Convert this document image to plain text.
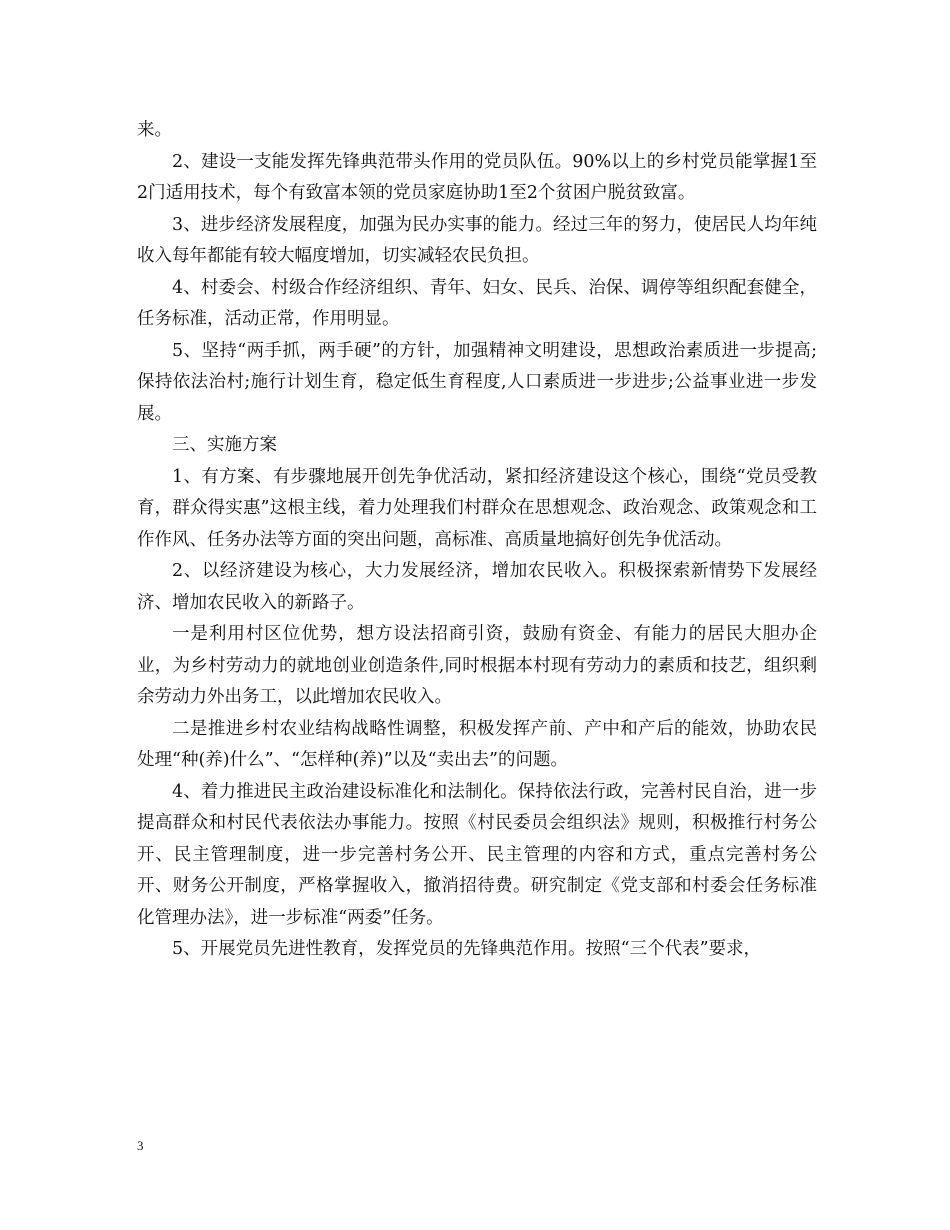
来。

2、建设一支能发挥先锋典范带头作用的党员队伍。90%以上的乡村党员能掌握1至2门适用技术，每个有致富本领的党员家庭协助1至2个贫困户脱贫致富。

3、进步经济发展程度，加强为民办实事的能力。经过三年的努力，使居民人均年纯收入每年都能有较大幅度增加，切实减轻农民负担。

4、村委会、村级合作经济组织、青年、妇女、民兵、治保、调停等组织配套健全，任务标准，活动正常，作用明显。

5、坚持“两手抓，两手硬”的方针，加强精神文明建设，思想政治素质进一步提高;保持依法治村;施行计划生育，稳定低生育程度,人口素质进一步进步;公益事业进一步发展。

三、实施方案

1、有方案、有步骤地展开创先争优活动，紧扣经济建设这个核心，围绕“党员受教育，群众得实惠”这根主线，着力处理我们村群众在思想观念、政治观念、政策观念和工作作风、任务办法等方面的突出问题，高标准、高质量地搞好创先争优活动。

2、以经济建设为核心，大力发展经济，增加农民收入。积极探索新情势下发展经济、增加农民收入的新路子。

一是利用村区位优势，想方设法招商引资，鼓励有资金、有能力的居民大胆办企业，为乡村劳动力的就地创业创造条件,同时根据本村现有劳动力的素质和技艺，组织剩余劳动力外出务工，以此增加农民收入。

二是推进乡村农业结构战略性调整，积极发挥产前、产中和产后的能效，协助农民处理“种(养)什么”、“怎样种(养)”以及“卖出去”的问题。

4、着力推进民主政治建设标准化和法制化。保持依法行政，完善村民自治，进一步提高群众和村民代表依法办事能力。按照《村民委员会组织法》规则，积极推行村务公开、民主管理制度，进一步完善村务公开、民主管理的内容和方式，重点完善村务公开、财务公开制度，严格掌握收入，撤消招待费。研究制定《党支部和村委会任务标准化管理办法》，进一步标准“两委”任务。

5、开展党员先进性教育，发挥党员的先锋典范作用。按照“三个代表”要求，

3
